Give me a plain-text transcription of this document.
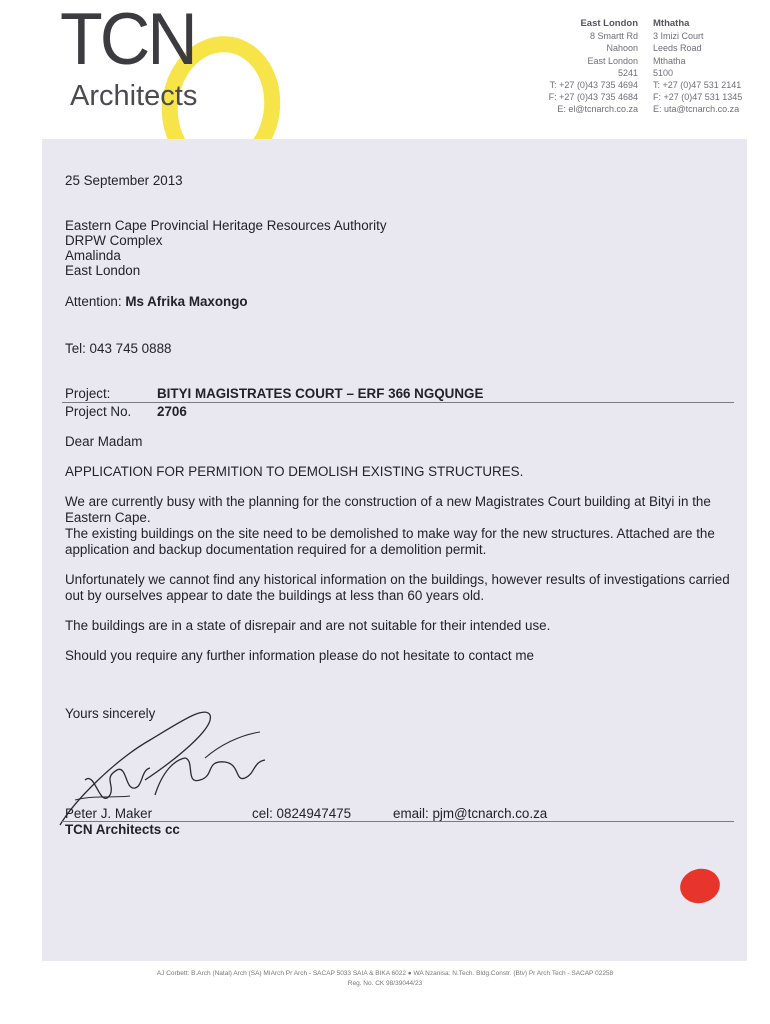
TCN
Architects
East London
8 Smartt Rd
Nahoon
East London
5241
T: +27 (0)43 735 4694
F: +27 (0)43 735 4684
E: el@tcnarch.co.za
Mthatha
3 Imizi Court
Leeds Road
Mthatha
5100
T: +27 (0)47 531 2141
F: +27 (0)47 531 1345
E: uta@tcnarch.co.za
25 September 2013
Eastern Cape Provincial Heritage Resources Authority
DRPW Complex
Amalinda
East London
Attention: Ms Afrika Maxongo
Tel: 043 745 0888
Project:	BITYI MAGISTRATES COURT – ERF 366 NGQUNGE
Project No. 2706
Dear Madam
APPLICATION FOR PERMITION TO DEMOLISH EXISTING STRUCTURES.
We are currently busy with the planning for the construction of a new Magistrates Court building at Bityi in the Eastern Cape.
The existing buildings on the site need to be demolished to make way for the new structures. Attached are the application and backup documentation required for a demolition permit.
Unfortunately we cannot find any historical information on the buildings, however results of investigations carried out by ourselves appear to date the buildings at less than 60 years old.
The buildings are in a state of disrepair and are not suitable for their intended use.
Should you require any further information please do not hesitate to contact me
Yours sincerely
Peter J. Maker	cel: 0824947475	email: pjm@tcnarch.co.za
TCN Architects cc
AJ Corbett: B.Arch (Natal) Arch (SA) MIArch Pr Arch - SACAP 5033 SAIA & BIKA 6022 ● WA Nzanisa: N.Tech. Bldg.Constr. (Btv) Pr Arch Tech - SACAP 02258
Reg. No. CK 98/39044/23
